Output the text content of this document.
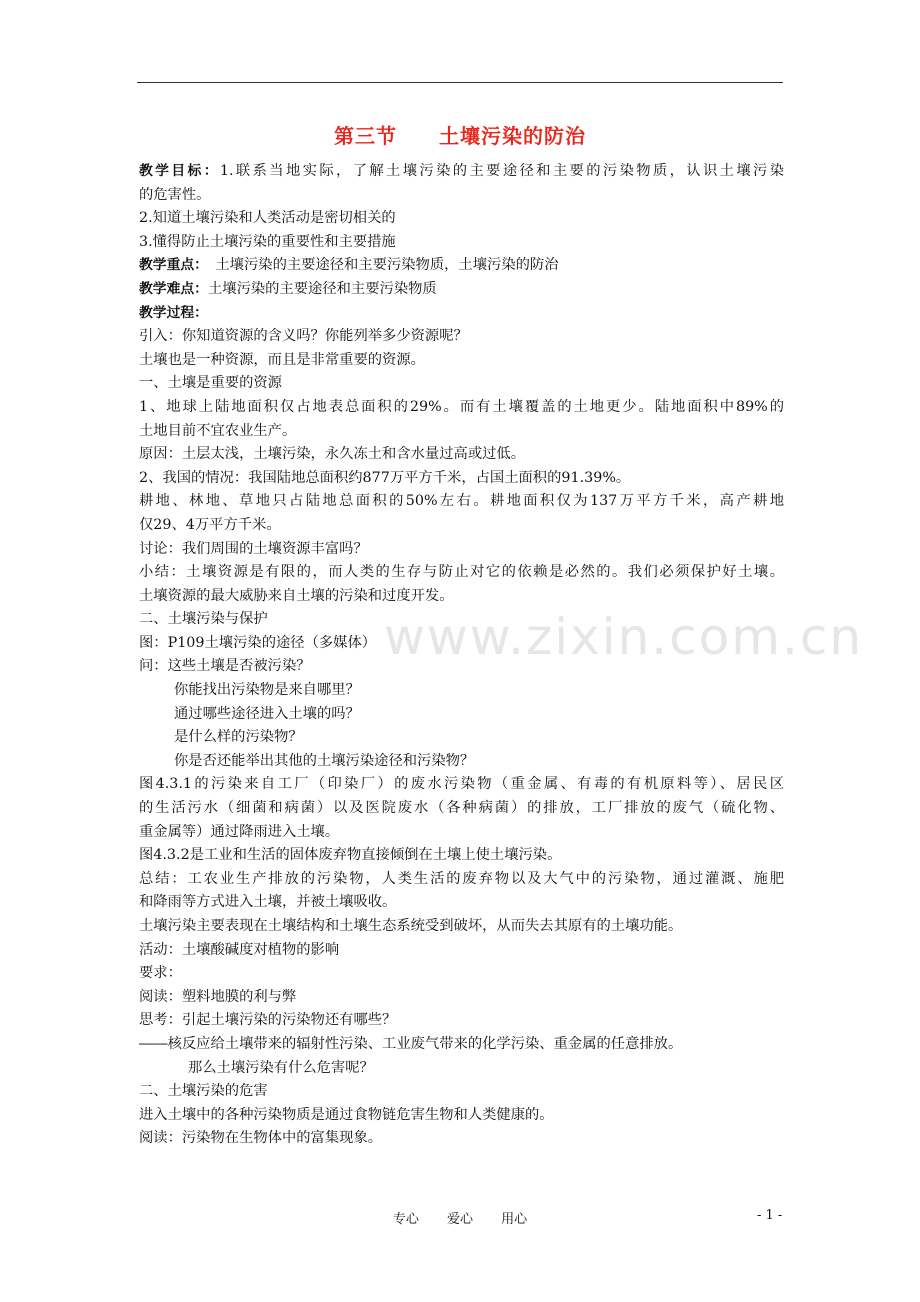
www.zixin.com.cn
第三节　　土壤污染的防治
教学目标：1.联系当地实际，了解土壤污染的主要途径和主要的污染物质，认识土壤污染
的危害性。
2.知道土壤污染和人类活动是密切相关的
3.懂得防止土壤污染的重要性和主要措施
教学重点：　土壤污染的主要途径和主要污染物质，土壤污染的防治
教学难点：土壤污染的主要途径和主要污染物质
教学过程：
引入：你知道资源的含义吗？你能列举多少资源呢？
土壤也是一种资源，而且是非常重要的资源。
一、土壤是重要的资源
1、地球上陆地面积仅占地表总面积的29%。而有土壤覆盖的土地更少。陆地面积中89%的
土地目前不宜农业生产。
原因：土层太浅，土壤污染，永久冻土和含水量过高或过低。
2、我国的情况：我国陆地总面积约877万平方千米，占国土面积的91.39%。
耕地、林地、草地只占陆地总面积的50%左右。耕地面积仅为137万平方千米，高产耕地
仅29、4万平方千米。
讨论：我们周围的土壤资源丰富吗？
小结：土壤资源是有限的，而人类的生存与防止对它的依赖是必然的。我们必须保护好土壤。
土壤资源的最大威胁来自土壤的污染和过度开发。
二、土壤污染与保护
图：P109土壤污染的途径（多媒体）
问：这些土壤是否被污染？
你能找出污染物是来自哪里？
通过哪些途径进入土壤的吗？
是什么样的污染物？
你是否还能举出其他的土壤污染途径和污染物？
图4.3.1的污染来自工厂（印染厂）的废水污染物（重金属、有毒的有机原料等）、居民区
的生活污水（细菌和病菌）以及医院废水（各种病菌）的排放，工厂排放的废气（硫化物、
重金属等）通过降雨进入土壤。
图4.3.2是工业和生活的固体废弃物直接倾倒在土壤上使土壤污染。
总结：工农业生产排放的污染物，人类生活的废弃物以及大气中的污染物，通过灌溉、施肥
和降雨等方式进入土壤，并被土壤吸收。
土壤污染主要表现在土壤结构和土壤生态系统受到破坏，从而失去其原有的土壤功能。
活动：土壤酸碱度对植物的影响
要求：
阅读：塑料地膜的利与弊
思考：引起土壤污染的污染物还有哪些？
――核反应给土壤带来的辐射性污染、工业废气带来的化学污染、重金属的任意排放。
那么土壤污染有什么危害呢？
二、土壤污染的危害
进入土壤中的各种污染物质是通过食物链危害生物和人类健康的。
阅读：污染物在生物体中的富集现象。
专心 爱心 用心	- 1 -
